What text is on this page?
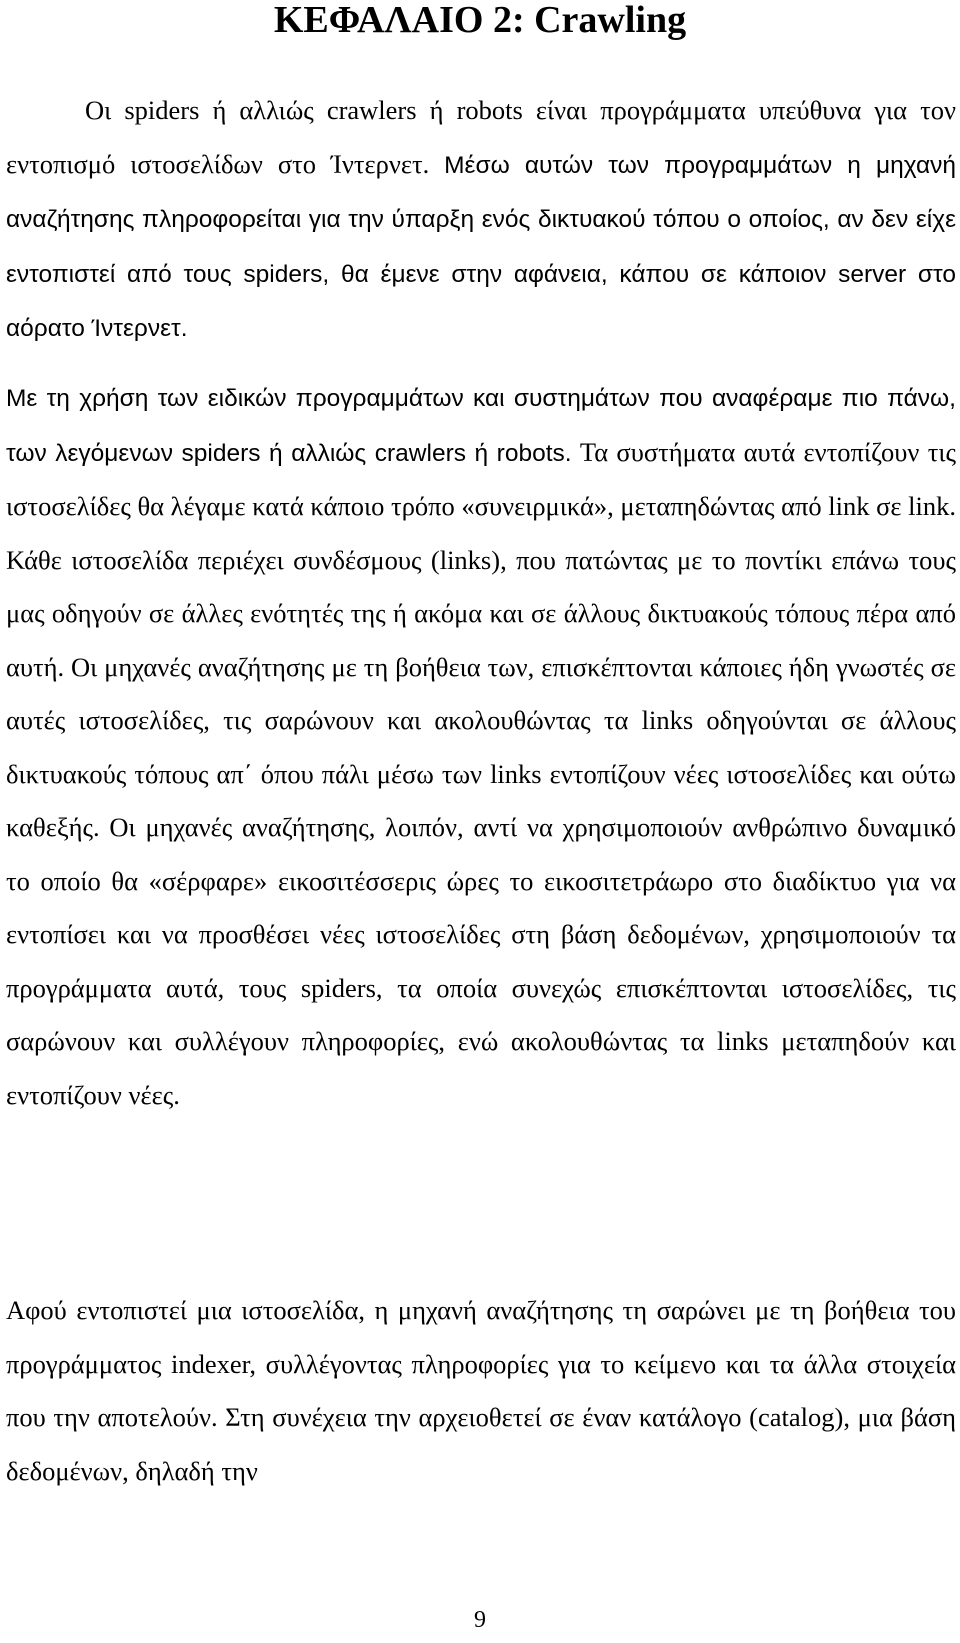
ΚΕΦΑΛΑΙΟ 2: Crawling

Οι spiders ή αλλιώς crawlers ή robots είναι προγράμματα υπεύθυνα για τον εντοπισμό ιστοσελίδων στο Ίντερνετ. Μέσω αυτών των προγραμμάτων η μηχανή αναζήτησης πληροφορείται για την ύπαρξη ενός δικτυακού τόπου ο οποίος, αν δεν είχε εντοπιστεί από τους spiders, θα έμενε στην αφάνεια, κάπου σε κάποιον server στο αόρατο Ίντερνετ.

Με τη χρήση των ειδικών προγραμμάτων και συστημάτων που αναφέραμε πιο πάνω, των λεγόμενων spiders ή αλλιώς crawlers ή robots. Τα συστήματα αυτά εντοπίζουν τις ιστοσελίδες θα λέγαμε κατά κάποιο τρόπο «συνειρμικά», μεταπηδώντας από link σε link. Κάθε ιστοσελίδα περιέχει συνδέσμους (links), που πατώντας με το ποντίκι επάνω τους μας οδηγούν σε άλλες ενότητές της ή ακόμα και σε άλλους δικτυακούς τόπους πέρα από αυτή. Οι μηχανές αναζήτησης με τη βοήθεια των, επισκέπτονται κάποιες ήδη γνωστές σε αυτές ιστοσελίδες, τις σαρώνουν και ακολουθώντας τα links οδηγούνται σε άλλους δικτυακούς τόπους απ΄ όπου πάλι μέσω των links εντοπίζουν νέες ιστοσελίδες και ούτω καθεξής. Οι μηχανές αναζήτησης, λοιπόν, αντί να χρησιμοποιούν ανθρώπινο δυναμικό το οποίο θα «σέρφαρε» εικοσιτέσσερις ώρες το εικοσιτετράωρο στο διαδίκτυο για να εντοπίσει και να προσθέσει νέες ιστοσελίδες στη βάση δεδομένων, χρησιμοποιούν τα προγράμματα αυτά, τους spiders, τα οποία συνεχώς επισκέπτονται ιστοσελίδες, τις σαρώνουν και συλλέγουν πληροφορίες, ενώ ακολουθώντας τα links μεταπηδούν και εντοπίζουν νέες.

Αφού εντοπιστεί μια ιστοσελίδα, η μηχανή αναζήτησης τη σαρώνει με τη βοήθεια του προγράμματος indexer, συλλέγοντας πληροφορίες για το κείμενο και τα άλλα στοιχεία που την αποτελούν. Στη συνέχεια την αρχειοθετεί σε έναν κατάλογο (catalog), μια βάση δεδομένων, δηλαδή την

9
